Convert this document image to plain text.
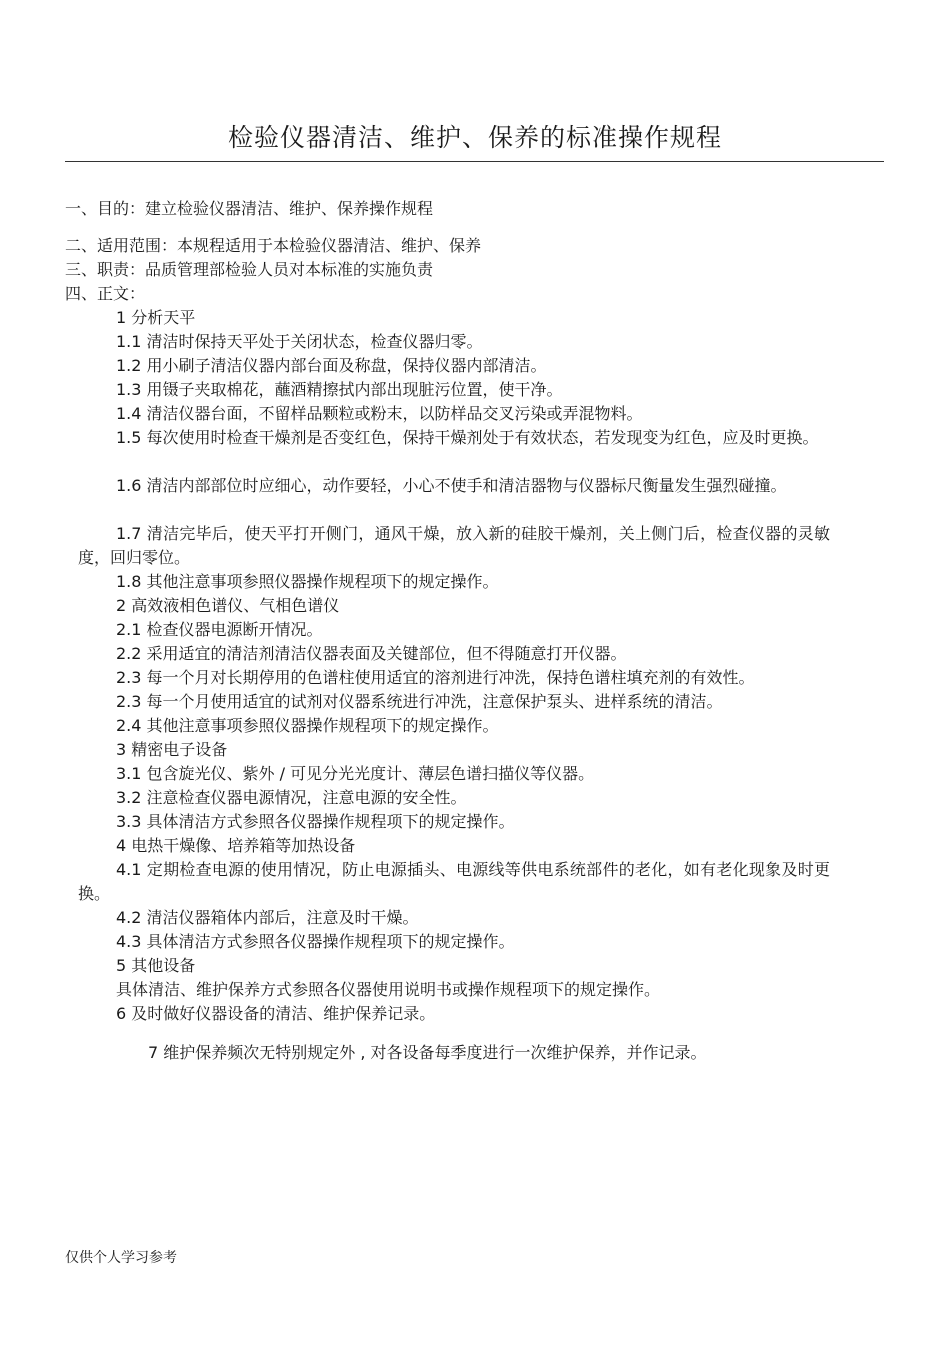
检验仪器清洁、维护、保养的标准操作规程
一、目的：建立检验仪器清洁、维护、保养操作规程
二、适用范围：本规程适用于本检验仪器清洁、维护、保养
三、职责：品质管理部检验人员对本标准的实施负责
四、正文：
1 分析天平
1.1 清洁时保持天平处于关闭状态，检查仪器归零。
1.2 用小刷子清洁仪器内部台面及称盘，保持仪器内部清洁。
1.3 用镊子夹取棉花，蘸酒精擦拭内部出现脏污位置，使干净。
1.4 清洁仪器台面，不留样品颗粒或粉末，以防样品交叉污染或弄混物料。
1.5 每次使用时检查干燥剂是否变红色，保持干燥剂处于有效状态，若发现变为红色，应及时更换。
1.6 清洁内部部位时应细心，动作要轻，小心不使手和清洁器物与仪器标尺衡量发生强烈碰撞。
1.7 清洁完毕后，使天平打开侧门，通风干燥，放入新的硅胶干燥剂，关上侧门后，检查仪器的灵敏度，回归零位。
1.8 其他注意事项参照仪器操作规程项下的规定操作。
2 高效液相色谱仪、气相色谱仪
2.1 检查仪器电源断开情况。
2.2 采用适宜的清洁剂清洁仪器表面及关键部位，但不得随意打开仪器。
2.3 每一个月对长期停用的色谱柱使用适宜的溶剂进行冲洗，保持色谱柱填充剂的有效性。
2.3 每一个月使用适宜的试剂对仪器系统进行冲洗，注意保护泵头、进样系统的清洁。
2.4 其他注意事项参照仪器操作规程项下的规定操作。
3 精密电子设备
3.1 包含旋光仪、紫外 / 可见分光光度计、薄层色谱扫描仪等仪器。
3.2 注意检查仪器电源情况，注意电源的安全性。
3.3 具体清洁方式参照各仪器操作规程项下的规定操作。
4 电热干燥像、培养箱等加热设备
4.1 定期检查电源的使用情况，防止电源插头、电源线等供电系统部件的老化，如有老化现象及时更换。
4.2 清洁仪器箱体内部后，注意及时干燥。
4.3 具体清洁方式参照各仪器操作规程项下的规定操作。
5 其他设备
具体清洁、维护保养方式参照各仪器使用说明书或操作规程项下的规定操作。
6 及时做好仪器设备的清洁、维护保养记录。
7 维护保养频次无特别规定外 , 对各设备每季度进行一次维护保养，并作记录。
仅供个人学习参考
